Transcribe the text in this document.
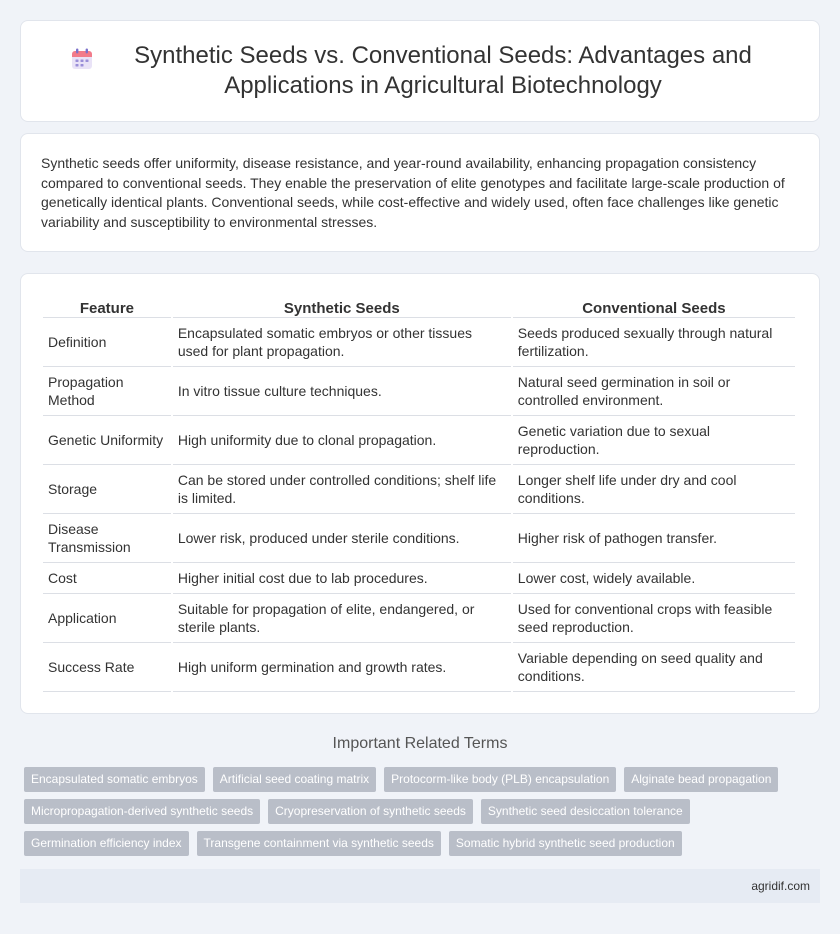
Synthetic Seeds vs. Conventional Seeds: Advantages and Applications in Agricultural Biotechnology

Synthetic seeds offer uniformity, disease resistance, and year-round availability, enhancing propagation consistency compared to conventional seeds. They enable the preservation of elite genotypes and facilitate large-scale production of genetically identical plants. Conventional seeds, while cost-effective and widely used, often face challenges like genetic variability and susceptibility to environmental stresses.

Feature	Synthetic Seeds	Conventional Seeds
Definition	Encapsulated somatic embryos or other tissues used for plant propagation.	Seeds produced sexually through natural fertilization.
Propagation Method	In vitro tissue culture techniques.	Natural seed germination in soil or controlled environment.
Genetic Uniformity	High uniformity due to clonal propagation.	Genetic variation due to sexual reproduction.
Storage	Can be stored under controlled conditions; shelf life is limited.	Longer shelf life under dry and cool conditions.
Disease Transmission	Lower risk, produced under sterile conditions.	Higher risk of pathogen transfer.
Cost	Higher initial cost due to lab procedures.	Lower cost, widely available.
Application	Suitable for propagation of elite, endangered, or sterile plants.	Used for conventional crops with feasible seed reproduction.
Success Rate	High uniform germination and growth rates.	Variable depending on seed quality and conditions.
Important Related Terms
Encapsulated somatic embryos	Artificial seed coating matrix	Protocorm-like body (PLB) encapsulation	Alginate bead propagation
Micropropagation-derived synthetic seeds	Cryopreservation of synthetic seeds	Synthetic seed desiccation tolerance
Germination efficiency index	Transgene containment via synthetic seeds	Somatic hybrid synthetic seed production
agridif.com
